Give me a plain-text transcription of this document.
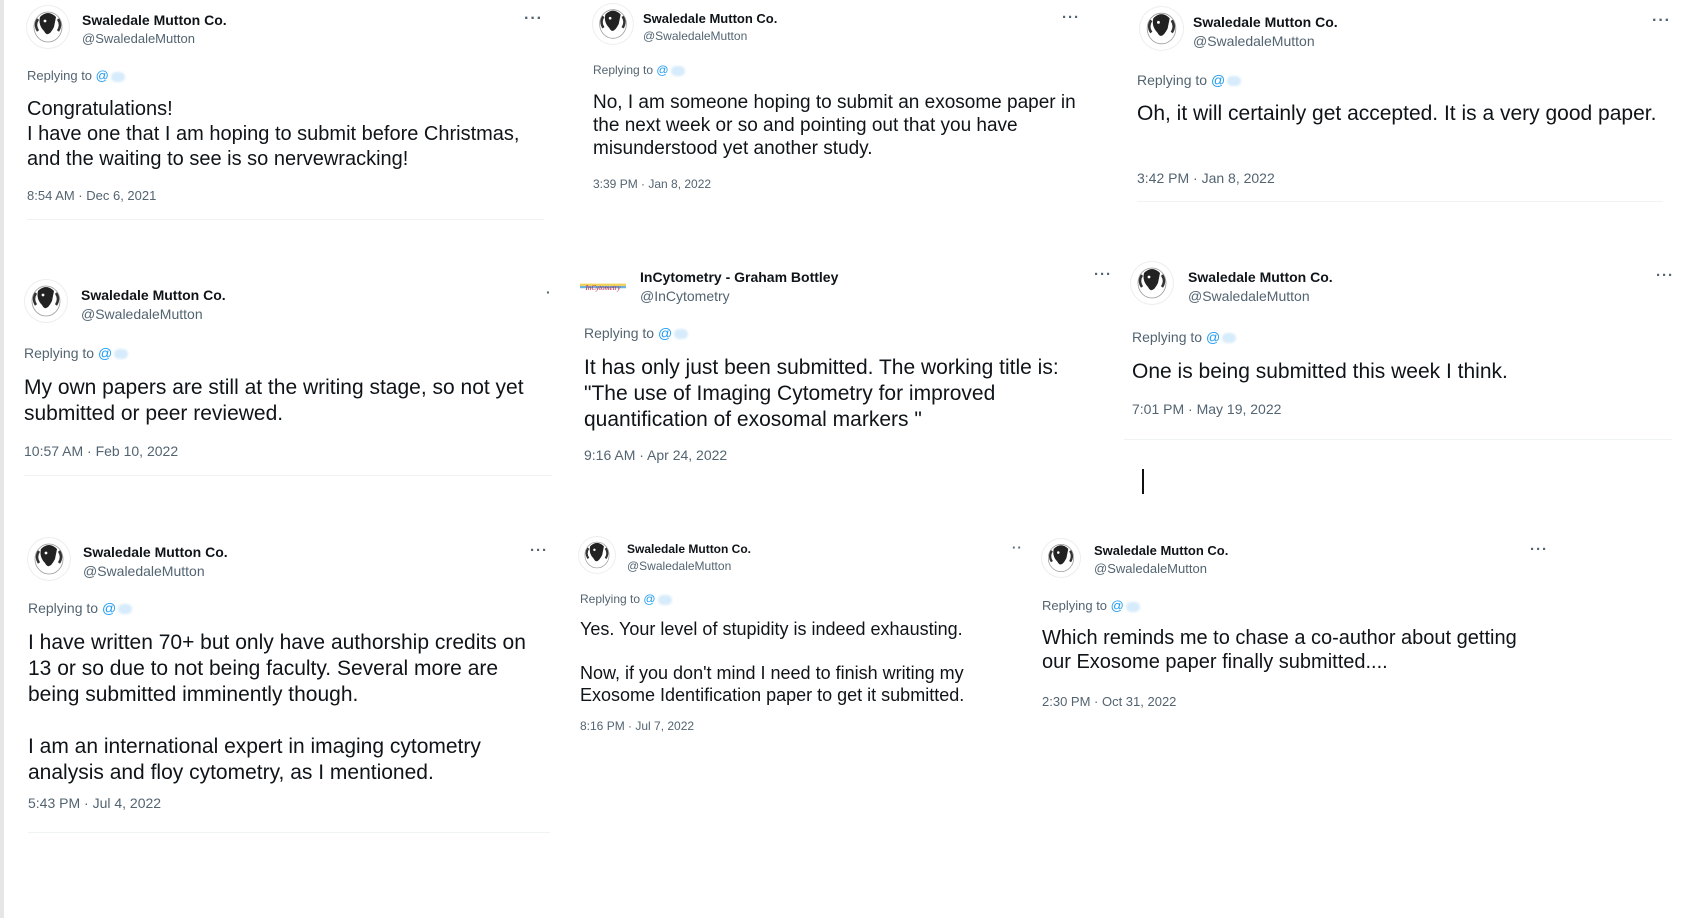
Swaledale Mutton Co.
@SwaledaleMutton
···
Replying to @
Congratulations!
I have one that I am hoping to submit before Christmas, and the waiting to see is so nervewracking!
8:54 AM · Dec 6, 2021
Swaledale Mutton Co.
@SwaledaleMutton
···
Replying to @
No, I am someone hoping to submit an exosome paper in the next week or so and pointing out that you have misunderstood yet another study.
3:39 PM · Jan 8, 2022
Swaledale Mutton Co.
@SwaledaleMutton
···
Replying to @
Oh, it will certainly get accepted. It is a very good paper.
3:42 PM · Jan 8, 2022
Swaledale Mutton Co.
@SwaledaleMutton
·
Replying to @
My own papers are still at the writing stage, so not yet submitted or peer reviewed.
10:57 AM · Feb 10, 2022
InCytometry
InCytometry - Graham Bottley
@InCytometry
···
Replying to @
It has only just been submitted. The working title is: "The use of Imaging Cytometry for improved quantification of exosomal markers "
9:16 AM · Apr 24, 2022
Swaledale Mutton Co.
@SwaledaleMutton
···
Replying to @
One is being submitted this week I think.
7:01 PM · May 19, 2022
Swaledale Mutton Co.
@SwaledaleMutton
···
Replying to @
I have written 70+ but only have authorship credits on 13 or so due to not being faculty. Several more are being submitted imminently though.

I am an international expert in imaging cytometry analysis and floy cytometry, as I mentioned.
5:43 PM · Jul 4, 2022
Swaledale Mutton Co.
@SwaledaleMutton
··
Replying to @
Yes. Your level of stupidity is indeed exhausting.

Now, if you don't mind I need to finish writing my Exosome Identification paper to get it submitted.
8:16 PM · Jul 7, 2022
Swaledale Mutton Co.
@SwaledaleMutton
···
Replying to @
Which reminds me to chase a co-author about getting our Exosome paper finally submitted....
2:30 PM · Oct 31, 2022
